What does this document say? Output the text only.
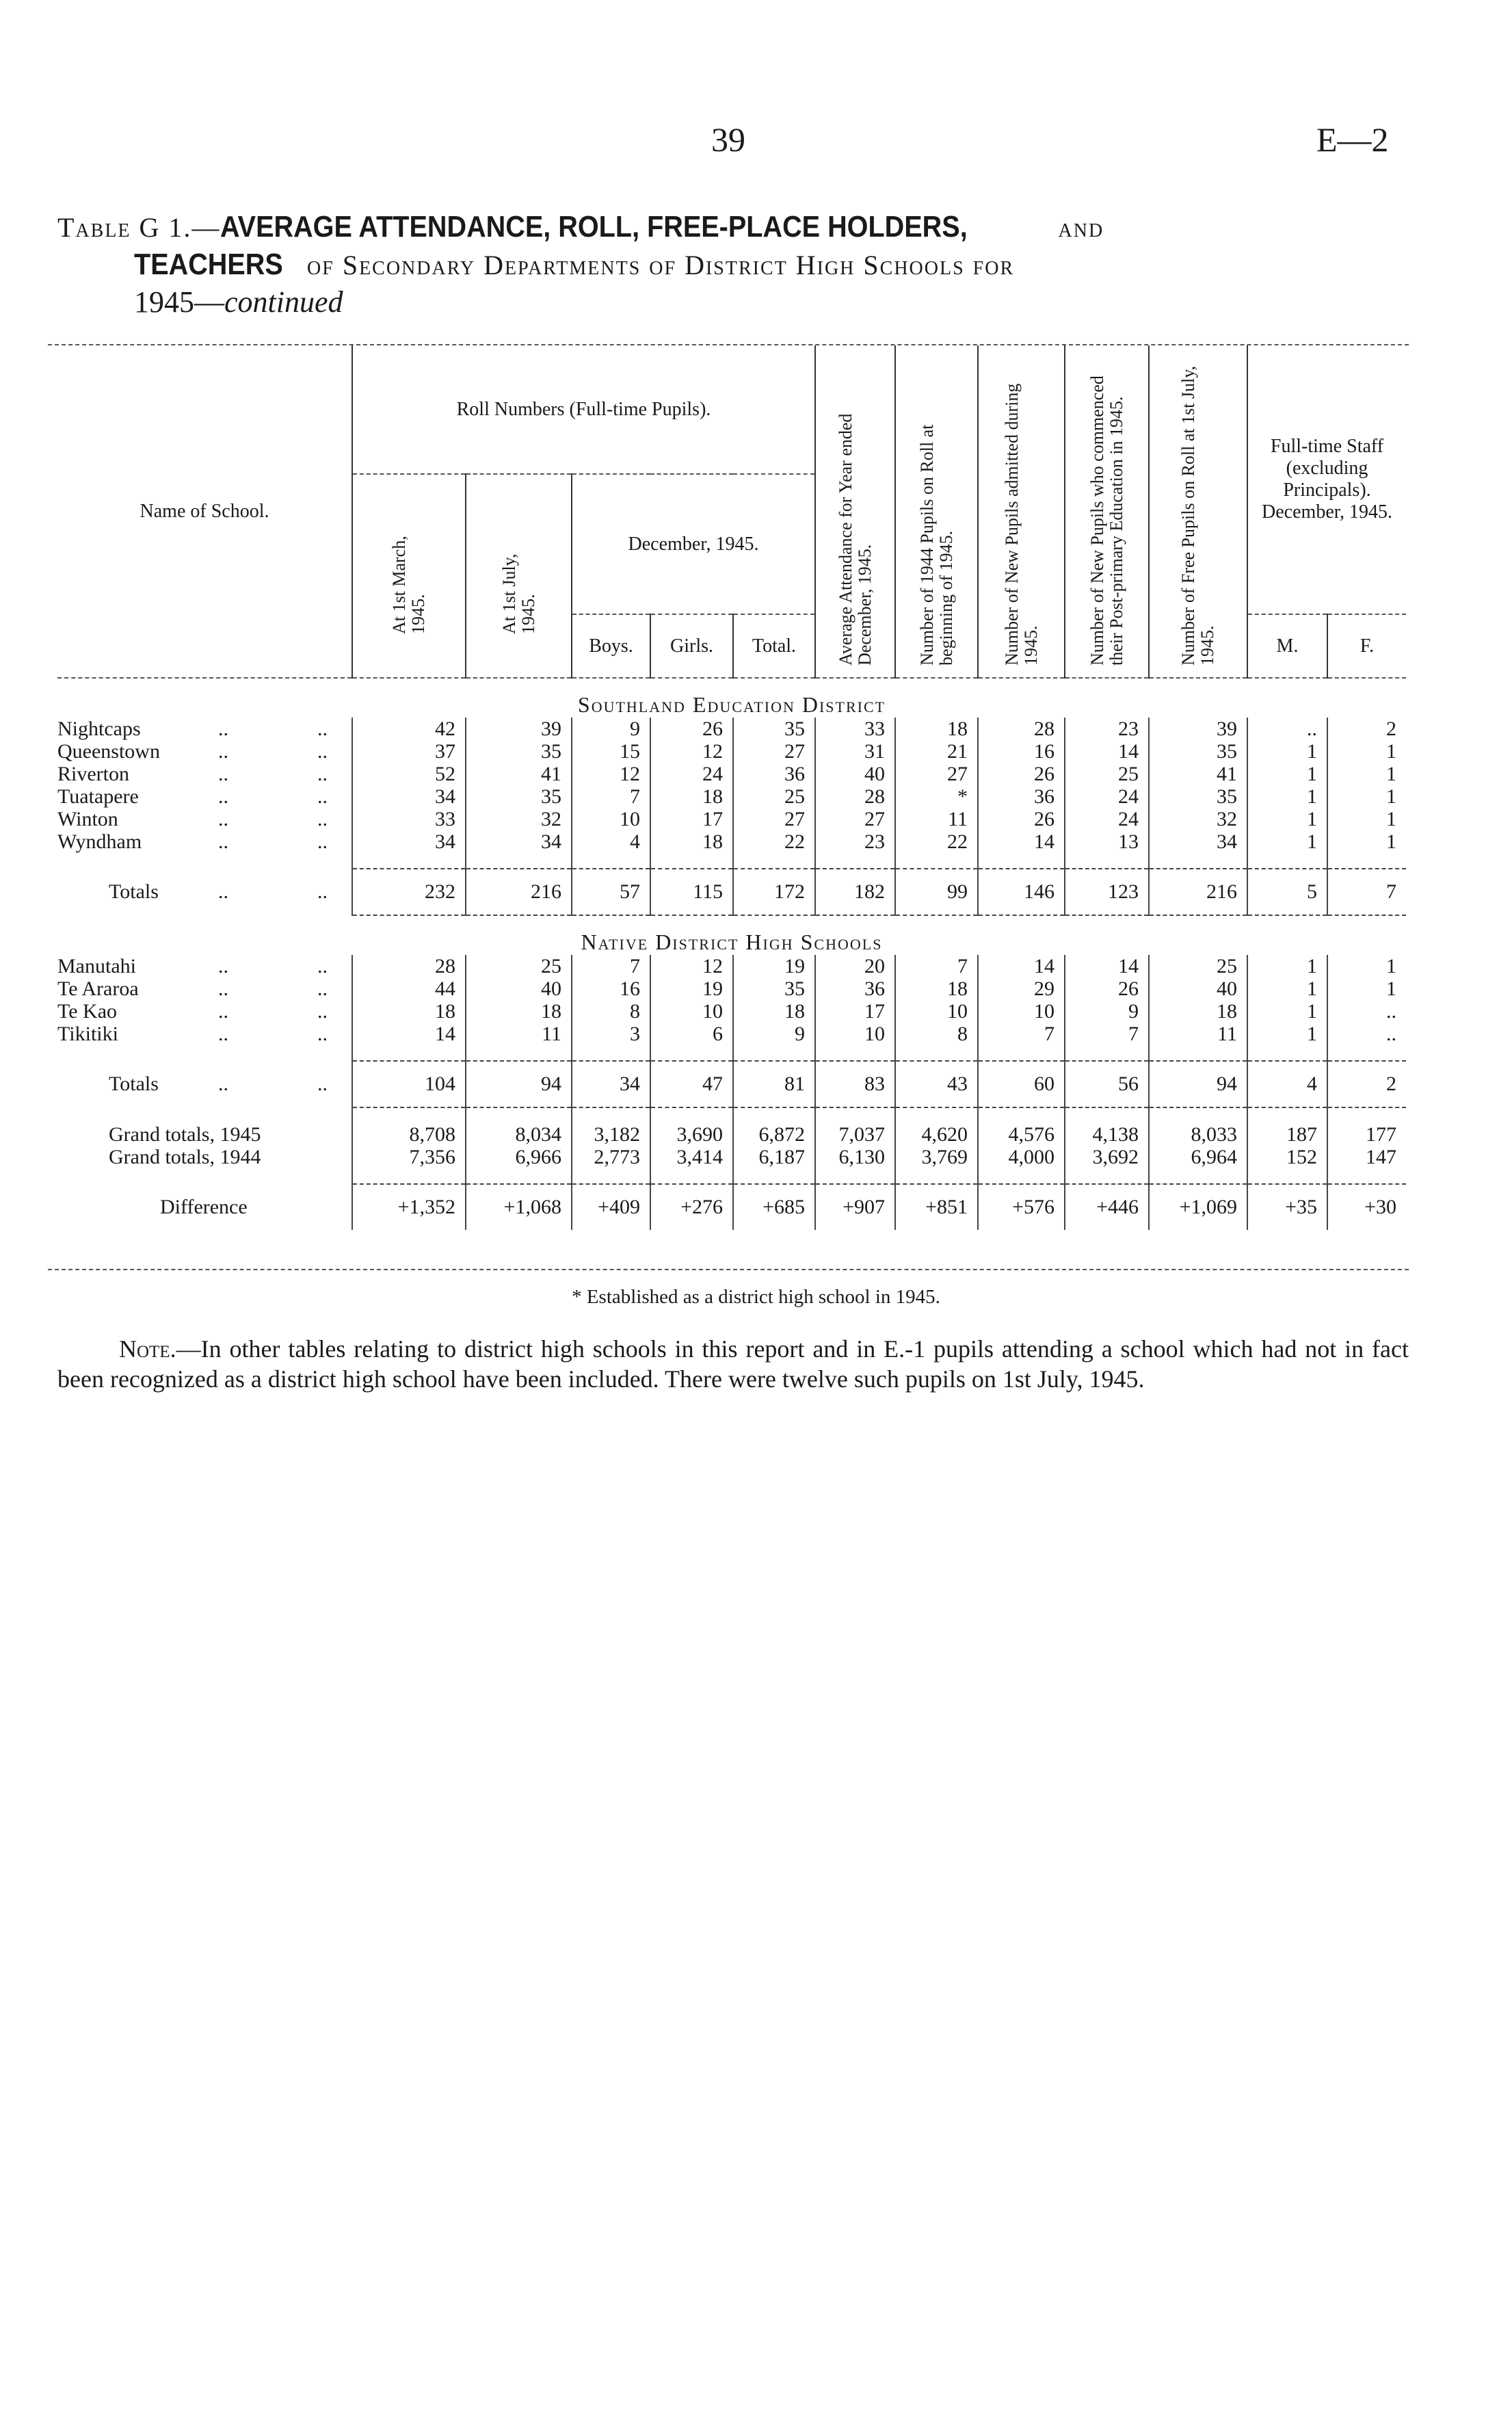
39	E—2
Table G 1.—AVERAGE ATTENDANCE, ROLL, FREE-PLACE HOLDERS,	and
TEACHERS of Secondary Departments of District High Schools for
1945—continued
Name of School.	Roll Numbers (Full-time Pupils).					Average Attendance for Year ended December, 1945.	Number of 1944 Pupils on Roll at beginning of 1945.	Number of New Pupils admitted during 1945.	Number of New Pupils who commenced their Post-primary Education in 1945.	Number of Free Pupils on Roll at 1st July, 1945.	Full-time Staff (excluding Principals). December, 1945.	

	At 1st March, 1945.	At 1st July, 1945.	December, 1945.									
			Boys.	Girls.	Total.						M.	F.
Southland Education District												
Nightcaps .. ..	42	39	9	26	35	33	18	28	23	39	..	2
Queenstown .. ..	37	35	15	12	27	31	21	16	14	35	1	1
Riverton .. ..	52	41	12	24	36	40	27	26	25	41	1	1
Tuatapere .. ..	34	35	7	18	25	28	*	36	24	35	1	1
Winton .. ..	33	32	10	17	27	27	11	26	24	32	1	1
Wyndham .. ..	34	34	4	18	22	23	22	14	13	34	1	1

Totals .. ..	232	216	57	115	172	182	99	146	123	216	5	7
Native District High Schools												
Manutahi .. ..	28	25	7	12	19	20	7	14	14	25	1	1
Te Araroa .. ..	44	40	16	19	35	36	18	29	26	40	1	1
Te Kao .. ..	18	18	8	10	18	17	10	10	9	18	1	..
Tikitiki .. ..	14	11	3	6	9	10	8	7	7	11	1	..

Totals .. ..	104	94	34	47	81	83	43	60	56	94	4	2

Grand totals, 1945	8,708	8,034	3,182	3,690	6,872	7,037	4,620	4,576	4,138	8,033	187	177
Grand totals, 1944	7,356	6,966	2,773	3,414	6,187	6,130	3,769	4,000	3,692	6,964	152	147

Difference	+1,352	+1,068	+409	+276	+685	+907	+851	+576	+446	+1,069	+35	+30
* Established as a district high school in 1945.
Note.—In other tables relating to district high schools in this report and in E.-1 pupils attending a school which had not in fact been recognized as a district high school have been included. There were twelve such pupils on 1st July, 1945.
